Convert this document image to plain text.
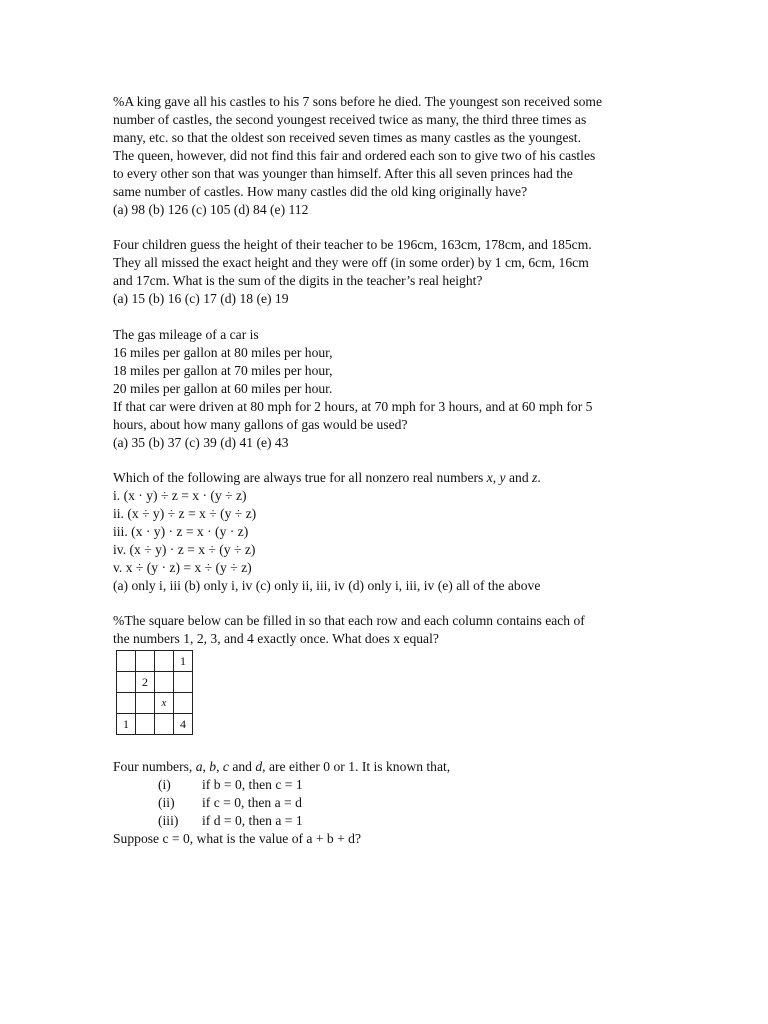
%A king gave all his castles to his 7 sons before he died. The youngest son received some
number of castles, the second youngest received twice as many, the third three times as
many, etc. so that the oldest son received seven times as many castles as the youngest.
The queen, however, did not find this fair and ordered each son to give two of his castles
to every other son that was younger than himself. After this all seven princes had the
same number of castles. How many castles did the old king originally have?
(a) 98 (b) 126 (c) 105 (d) 84 (e) 112
Four children guess the height of their teacher to be 196cm, 163cm, 178cm, and 185cm.
They all missed the exact height and they were off (in some order) by 1 cm, 6cm, 16cm
and 17cm. What is the sum of the digits in the teacher’s real height?
(a) 15 (b) 16 (c) 17 (d) 18 (e) 19
The gas mileage of a car is
16 miles per gallon at 80 miles per hour,
18 miles per gallon at 70 miles per hour,
20 miles per gallon at 60 miles per hour.
If that car were driven at 80 mph for 2 hours, at 70 mph for 3 hours, and at 60 mph for 5
hours, about how many gallons of gas would be used?
(a) 35 (b) 37 (c) 39 (d) 41 (e) 43
Which of the following are always true for all nonzero real numbers x, y and z.
i. (x · y) ÷ z = x · (y ÷ z)
ii. (x ÷ y) ÷ z = x ÷ (y ÷ z)
iii. (x · y) · z = x · (y · z)
iv. (x ÷ y) · z = x ÷ (y ÷ z)
v. x ÷ (y · z) = x ÷ (y ÷ z)
(a) only i, iii (b) only i, iv (c) only ii, iii, iv (d) only i, iii, iv (e) all of the above
%The square below can be filled in so that each row and each column contains each of
the numbers 1, 2, 3, and 4 exactly once. What does x equal?
			1
	2		
		x	
1			4
Four numbers, a, b, c and d, are either 0 or 1. It is known that,
(i) if b = 0, then c = 1
(ii) if c = 0, then a = d
(iii) if d = 0, then a = 1
Suppose c = 0, what is the value of a + b + d?
